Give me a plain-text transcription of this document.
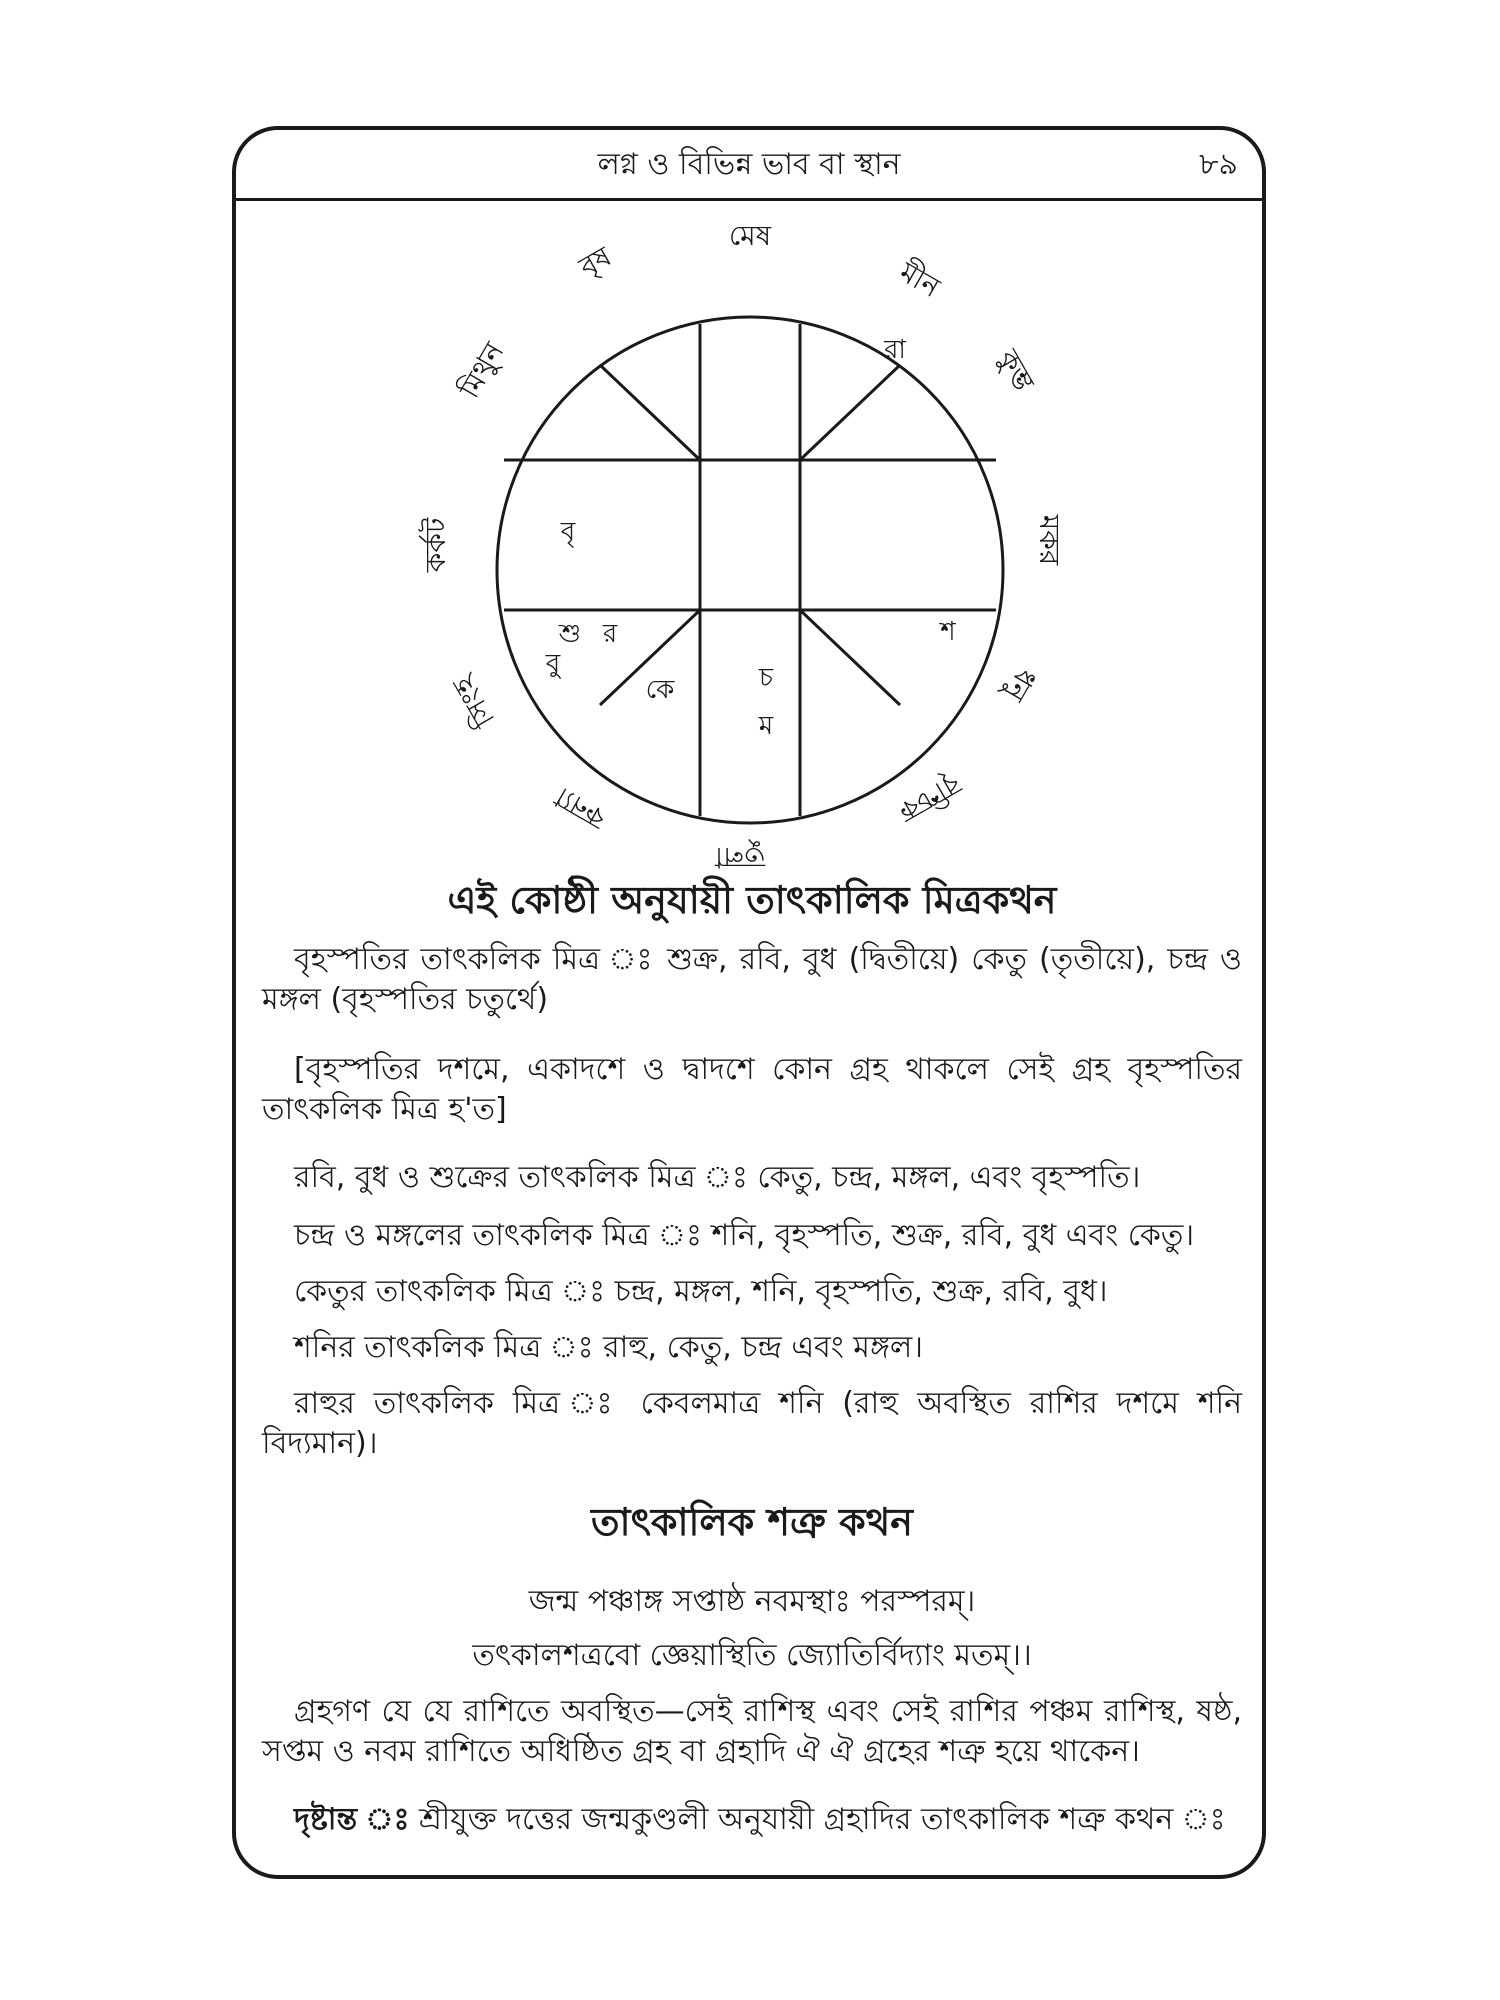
লগ্ন ও বিভিন্ন ভাব বা স্থান	৮৯
মেষ
মীন
কুম্ভ
মকর
ধনু
বৃশ্চিক
তুলা
কন্যা
সিংহ
কর্কট
মিথুন
বৃষ
রা
বৃ
শু র
বু
কে	চ
ম
শ
এই কোষ্ঠী অনুযায়ী তাৎকালিক মিত্রকথন
বৃহস্পতির তাৎকলিক মিত্র ঃ শুক্র, রবি, বুধ (দ্বিতীয়ে) কেতু (তৃতীয়ে), চন্দ্র ও মঙ্গল (বৃহস্পতির চতুর্থে)
[বৃহস্পতির দশমে, একাদশে ও দ্বাদশে কোন গ্রহ থাকলে সেই গ্রহ বৃহস্পতির তাৎকলিক মিত্র হ'ত]
রবি, বুধ ও শুক্রের তাৎকলিক মিত্র ঃ কেতু, চন্দ্র, মঙ্গল, এবং বৃহস্পতি।
চন্দ্র ও মঙ্গলের তাৎকলিক মিত্র ঃ শনি, বৃহস্পতি, শুক্র, রবি, বুধ এবং কেতু।
কেতুর তাৎকলিক মিত্র ঃ চন্দ্র, মঙ্গল, শনি, বৃহস্পতি, শুক্র, রবি, বুধ।
শনির তাৎকলিক মিত্র ঃ রাহু, কেতু, চন্দ্র এবং মঙ্গল।
রাহুর তাৎকলিক মিত্র ঃ কেবলমাত্র শনি (রাহু অবস্থিত রাশির দশমে শনি বিদ্যমান)।
তাৎকালিক শত্রু কথন
জন্ম পঞ্চাঙ্গ সপ্তাষ্ঠ নবমস্থাঃ পরস্পরম্।
তৎকালশত্রবো জ্ঞেয়াস্থিতি জ্যোতির্বিদ্যাং মতম্।।
গ্রহগণ যে যে রাশিতে অবস্থিত—সেই রাশিস্থ এবং সেই রাশির পঞ্চম রাশিস্থ, ষষ্ঠ, সপ্তম ও নবম রাশিতে অধিষ্ঠিত গ্রহ বা গ্রহাদি ঐ ঐ গ্রহের শত্রু হয়ে থাকেন।
দৃষ্টান্ত ঃ শ্রীযুক্ত দত্তের জন্মকুণ্ডলী অনুযায়ী গ্রহাদির তাৎকালিক শত্রু কথন ঃ
